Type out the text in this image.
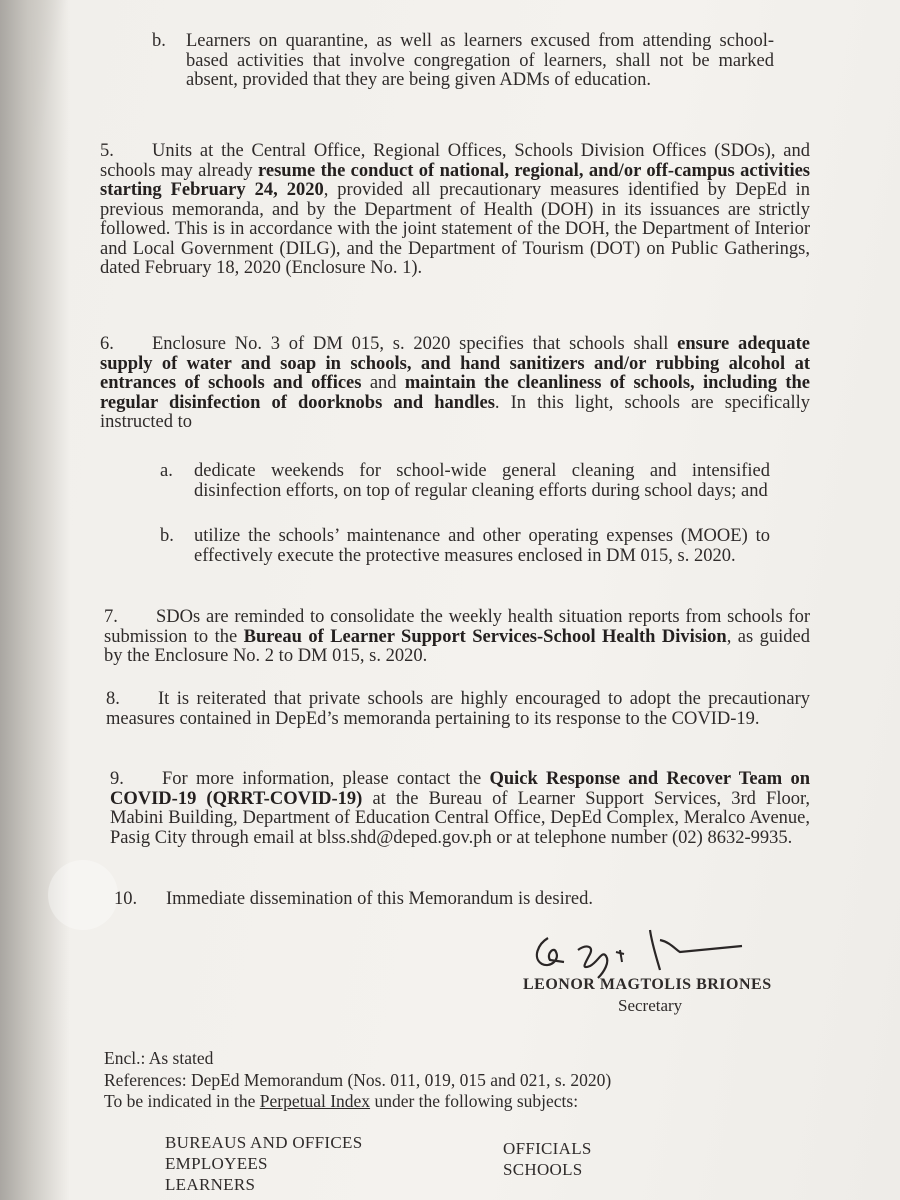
b.	Learners on quarantine, as well as learners excused from attending school-based activities that involve congregation of learners, shall not be marked absent, provided that they are being given ADMs of education.

5. Units at the Central Office, Regional Offices, Schools Division Offices (SDOs), and schools may already resume the conduct of national, regional, and/or off-campus activities starting February 24, 2020, provided all precautionary measures identified by DepEd in previous memoranda, and by the Department of Health (DOH) in its issuances are strictly followed. This is in accordance with the joint statement of the DOH, the Department of Interior and Local Government (DILG), and the Department of Tourism (DOT) on Public Gatherings, dated February 18, 2020 (Enclosure No. 1).

6. Enclosure No. 3 of DM 015, s. 2020 specifies that schools shall ensure adequate supply of water and soap in schools, and hand sanitizers and/or rubbing alcohol at entrances of schools and offices and maintain the cleanliness of schools, including the regular disinfection of doorknobs and handles. In this light, schools are specifically instructed to

a.	dedicate weekends for school-wide general cleaning and intensified disinfection efforts, on top of regular cleaning efforts during school days; and
b.	utilize the schools’ maintenance and other operating expenses (MOOE) to effectively execute the protective measures enclosed in DM 015, s. 2020.

7. SDOs are reminded to consolidate the weekly health situation reports from schools for submission to the Bureau of Learner Support Services-School Health Division, as guided by the Enclosure No. 2 to DM 015, s. 2020.

8. It is reiterated that private schools are highly encouraged to adopt the precautionary measures contained in DepEd’s memoranda pertaining to its response to the COVID-19.

9. For more information, please contact the Quick Response and Recover Team on COVID-19 (QRRT-COVID-19) at the Bureau of Learner Support Services, 3rd Floor, Mabini Building, Department of Education Central Office, DepEd Complex, Meralco Avenue, Pasig City through email at blss.shd@deped.gov.ph or at telephone number (02) 8632-9935.

10. Immediate dissemination of this Memorandum is desired.

LEONOR MAGTOLIS BRIONES
Secretary
Encl.: As stated
References: DepEd Memorandum (Nos. 011, 019, 015 and 021, s. 2020)
To be indicated in the Perpetual Index under the following subjects:
BUREAUS AND OFFICES
EMPLOYEES
LEARNERS
OFFICIALS
SCHOOLS
